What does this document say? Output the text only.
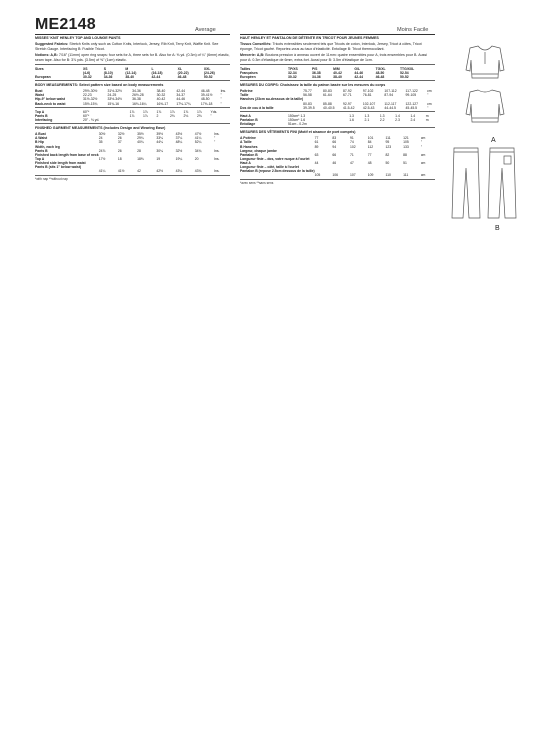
ME2148	Average	Moins Facile

MISSES' KNIT HENLEY TOP AND LOUNGE PANTS

Suggested Fabrics: Stretch Knits only such as Cotton Knits, Interlock, Jersey, Rib Knit, Terry Knit, Waffle Knit. See Stretch Gauge. Interfacing B: Fusible Tricot.

Notions: A,B: 7/16" (11mm) open ring snaps: four sets for A, three sets for B. Also for A: ⅜ yd. (0.3m) of ¼" (6mm) elastic, seam tape. Also for B: 3⅞ yds. (3.5m) of ⅜" (1cm) elastic.

Sizes	XS	S	M	L	XL	XXL	
	(4-6)	(8-10)	(12-14)	(16-18)	(20-22)	(24-26)	
European	30-32	34-36	38-40	42-44	46-48	50-52	

BODY MEASUREMENTS: Select pattern size based on body measurements

Bust	29½-30½	31½-32½	34-36	38-40	42-44	46-48	Ins.
Waist	22-23	24-25	26½-28	30-32	34-37	39-41½	"
Hip-9" below waist	31½-32½	33½-34½	36-38	40-42	44-46	48-50	"
Back-neck to waist	15½-15¾	15¾-16	16⅛-16¼	16⅜-17	17⅛-17¼	17⅜-18	"
Top A	60"*	1⅞	1⅞	1⅞	1⅞	1⅞	1⅞	Yds.
Pants B	60"*	1⅞	1⅞	2	2⅛	2⅛	2⅛	"
Interfacing	20" - ⅛ yd.							

FINISHED GARMENT MEASUREMENTS (Includes Design and Wearing Ease)

A Bust	30½	32½	35½	39½	43½	47½	Ins.
A Waist	24	26	29¼	33¼	37¼	41¼	"
B Hip	35	37	40¼	44¼	48¼	52¼	"
Width, each leg							
Pants B	24⅞	26	28	30¼	32½	34¾	Ins.
Finished back length from base of neck							
Top A	17½	18	18⅜	19	19¼	20	Ins.
Finished side length from waist							
Pants B (sits 1" below waist)							
	41¼	41½	42	42½	43¼	43¾	Ins.

*with nap **without nap

HAUT HENLEY ET PANTALON DE DÉTENTE EN TRICOT POUR JEUNES FEMMES

Tissus Conseillés: Tricots extensibles seulement tels que Tricots de coton, Interlock, Jersey, Tricot à côtes, Tricot éponge, Tricot gaufré. Reportez-vous au taux d'élasticité. Entoilage B: Tricot thermocollant.

Mercerie: A,B: Boutons pression à anneau ouvert de 11mm: quatre ensembles pour A, trois ensembles pour B. Aussi pour A: 0.3m d'élastique de 6mm, extra-fort. Aussi pour B: 3.5m d'élastique de 1cm.

Tailles	TP/XS	P/S	M/M	G/L	TG/XL	TTG/XXL	
Françaises	32-34	36-38	40-42	44-46	48-50	52-54	
Européen	30-32	34-36	38-40	42-44	46-48	50-52	

MESURES DU CORPS: Choisissez la taille du patron basée sur les mesures du corps

Poitrine	75-77	80-83	87-92	97-102	107-112	117-122	cm
Taille	56-58	61-64	67-71	76-81	87-94	99-105	"
Hanches (23cm au-dessous de la taille)							
	80-83	85-88	92-97	102-107	112-117	122-127	cm
Dos de cou à la taille	39-39.5	40-40.5	41.5-42	42.5-43	44-44.5	45-45.5	"
Haut A	150cm* 1.3	1.3	1.3	1.3	1.4	1.4	m
Pantalon B	150cm* 1.6	1.6	2.1	2.2	2.3	2.4	m
Entoilage	51cm - 0.2m						

MESURES DES VÊTEMENTS FINI (Motif et aisance de port compris)

A Poitrine	77	83	91	101	111	121	cm
A Taille	61	66	74	84	95	105	"
B Hanches	89	94	102	112	123	133	"
Largeur, chaque jambe							
Pantalon B	63	66	71	77	82	88	cm
Longueur finie – dos, votre nuque à l'ourlet							
Haut A	44	46	47	48	50	51	cm
Longueur finie – côté, taille à l'ourlet							
Pantalon B (repose 2.5cm dessous de la taille)							
	105	106	107	109	110	111	cm

*avec sens **sans sens

A
B
